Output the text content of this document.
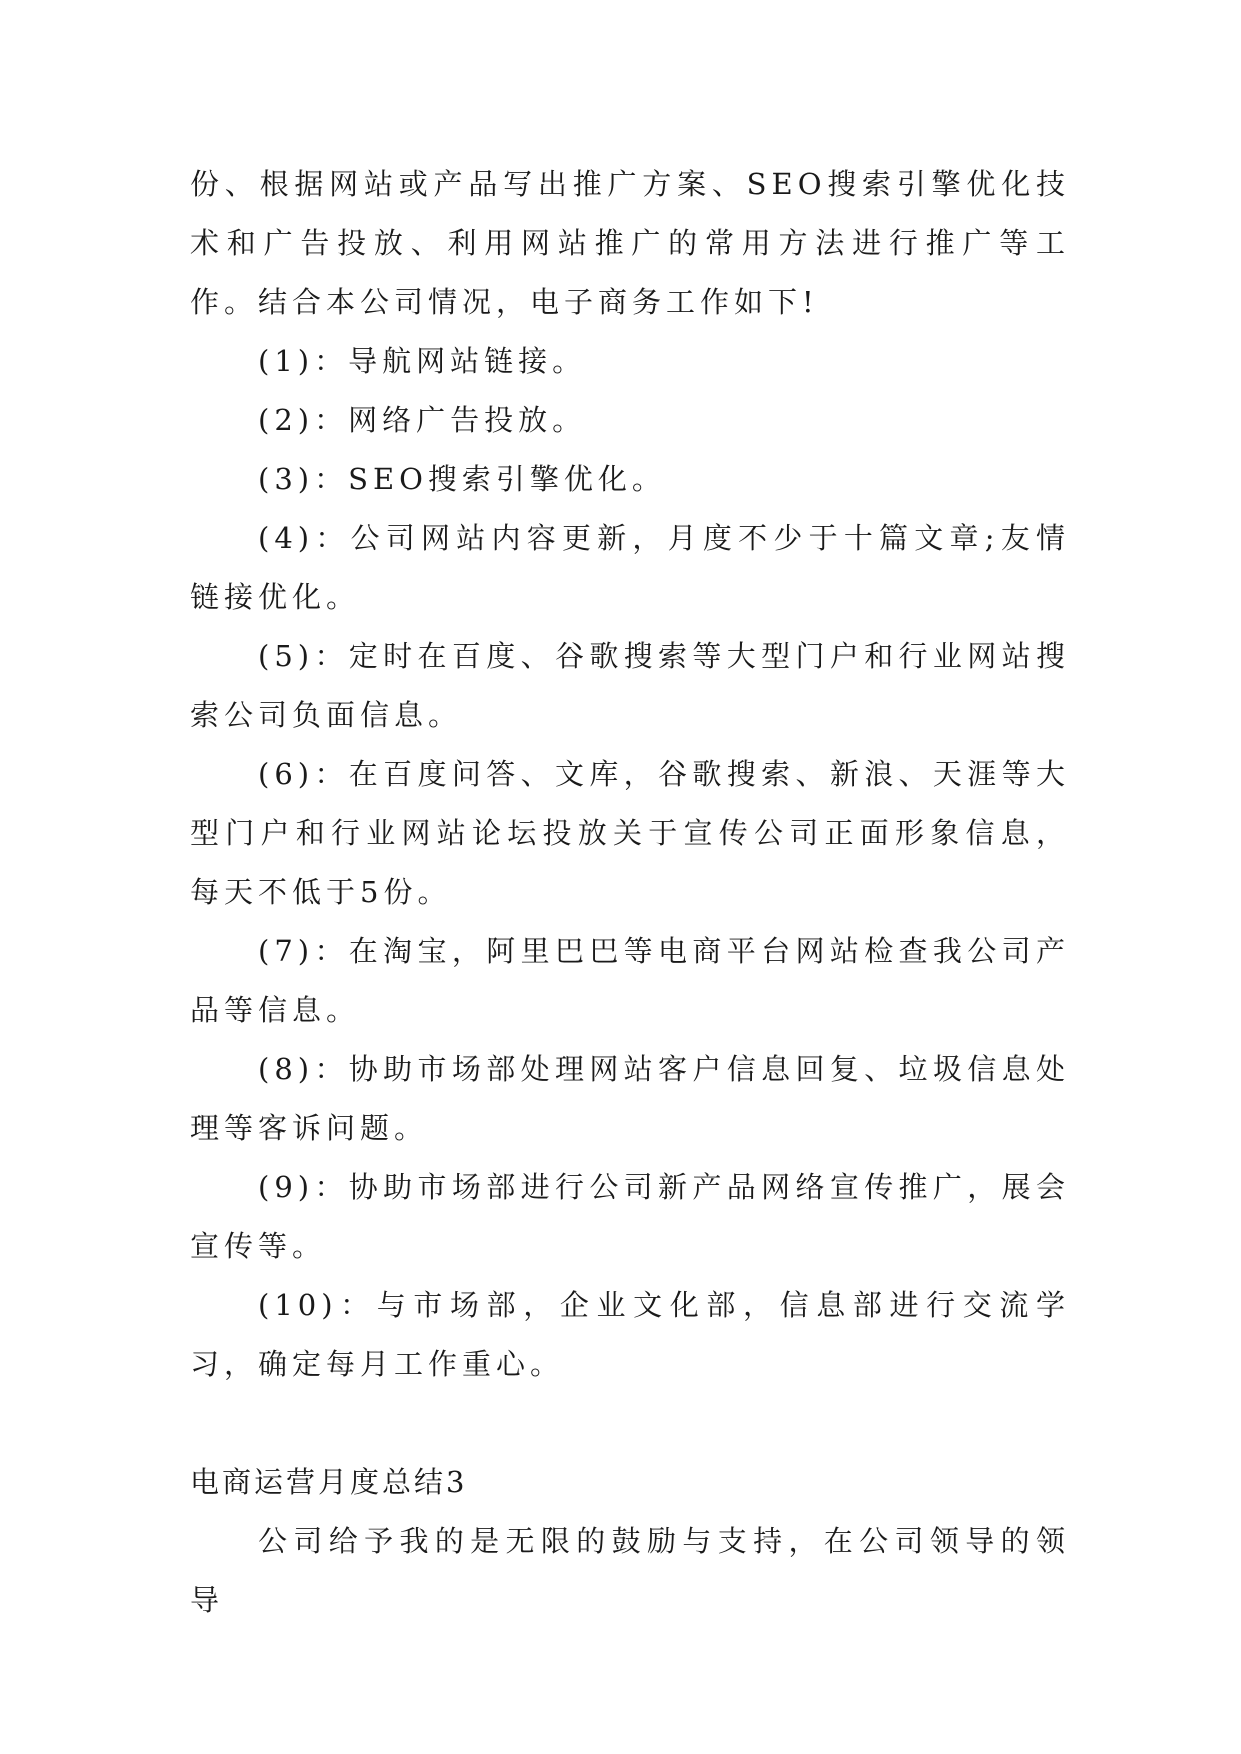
份、根据网站或产品写出推广方案、SEO搜索引擎优化技术和广告投放、利用网站推广的常用方法进行推广等工作。结合本公司情况，电子商务工作如下!

(1)：导航网站链接。

(2)：网络广告投放。

(3)：SEO搜索引擎优化。

(4)：公司网站内容更新，月度不少于十篇文章;友情链接优化。

(5)：定时在百度、谷歌搜索等大型门户和行业网站搜索公司负面信息。

(6)：在百度问答、文库，谷歌搜索、新浪、天涯等大型门户和行业网站论坛投放关于宣传公司正面形象信息，每天不低于5份。

(7)：在淘宝，阿里巴巴等电商平台网站检查我公司产品等信息。

(8)：协助市场部处理网站客户信息回复、垃圾信息处理等客诉问题。

(9)：协助市场部进行公司新产品网络宣传推广，展会宣传等。

(10)：与市场部，企业文化部，信息部进行交流学习，确定每月工作重心。

电商运营月度总结3

公司给予我的是无限的鼓励与支持，在公司领导的领导
